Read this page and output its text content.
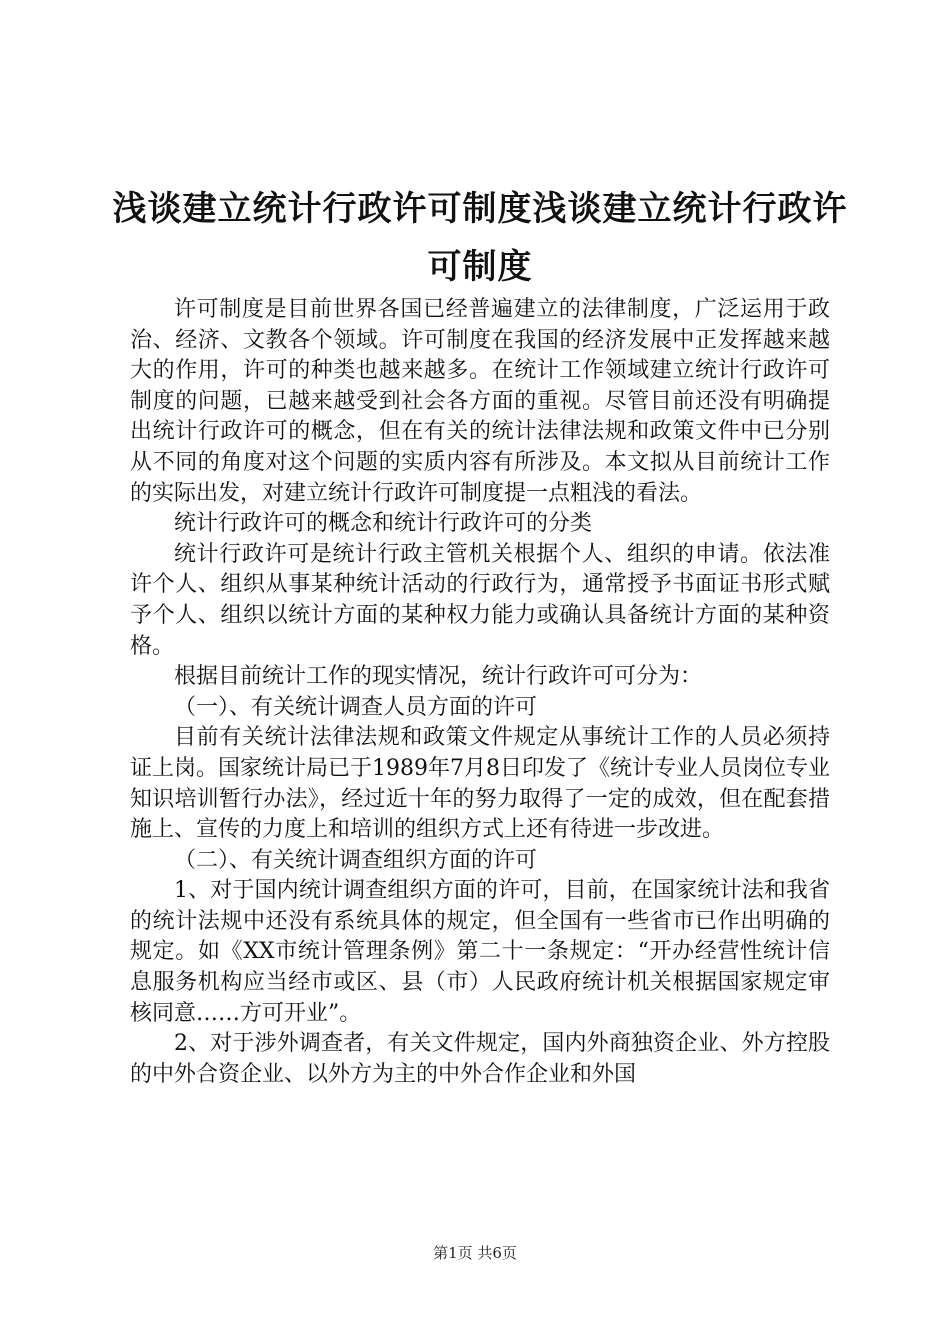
浅谈建立统计行政许可制度浅谈建立统计行政许可制度

许可制度是目前世界各国已经普遍建立的法律制度，广泛运用于政治、经济、文教各个领域。许可制度在我国的经济发展中正发挥越来越大的作用，许可的种类也越来越多。在统计工作领域建立统计行政许可制度的问题，已越来越受到社会各方面的重视。尽管目前还没有明确提出统计行政许可的概念，但在有关的统计法律法规和政策文件中已分别从不同的角度对这个问题的实质内容有所涉及。本文拟从目前统计工作的实际出发，对建立统计行政许可制度提一点粗浅的看法。

统计行政许可的概念和统计行政许可的分类

统计行政许可是统计行政主管机关根据个人、组织的申请。依法准许个人、组织从事某种统计活动的行政行为，通常授予书面证书形式赋予个人、组织以统计方面的某种权力能力或确认具备统计方面的某种资格。

根据目前统计工作的现实情况，统计行政许可可分为：

（一）、有关统计调查人员方面的许可

目前有关统计法律法规和政策文件规定从事统计工作的人员必须持证上岗。国家统计局已于1989年7月8日印发了《统计专业人员岗位专业知识培训暂行办法》，经过近十年的努力取得了一定的成效，但在配套措施上、宣传的力度上和培训的组织方式上还有待进一步改进。

（二）、有关统计调查组织方面的许可

1、对于国内统计调查组织方面的许可，目前，在国家统计法和我省的统计法规中还没有系统具体的规定，但全国有一些省市已作出明确的规定。如《XX市统计管理条例》第二十一条规定：“开办经营性统计信息服务机构应当经市或区、县（市）人民政府统计机关根据国家规定审核同意……方可开业”。

2、对于涉外调查者，有关文件规定，国内外商独资企业、外方控股的中外合资企业、以外方为主的中外合作企业和外国

第1页 共6页
